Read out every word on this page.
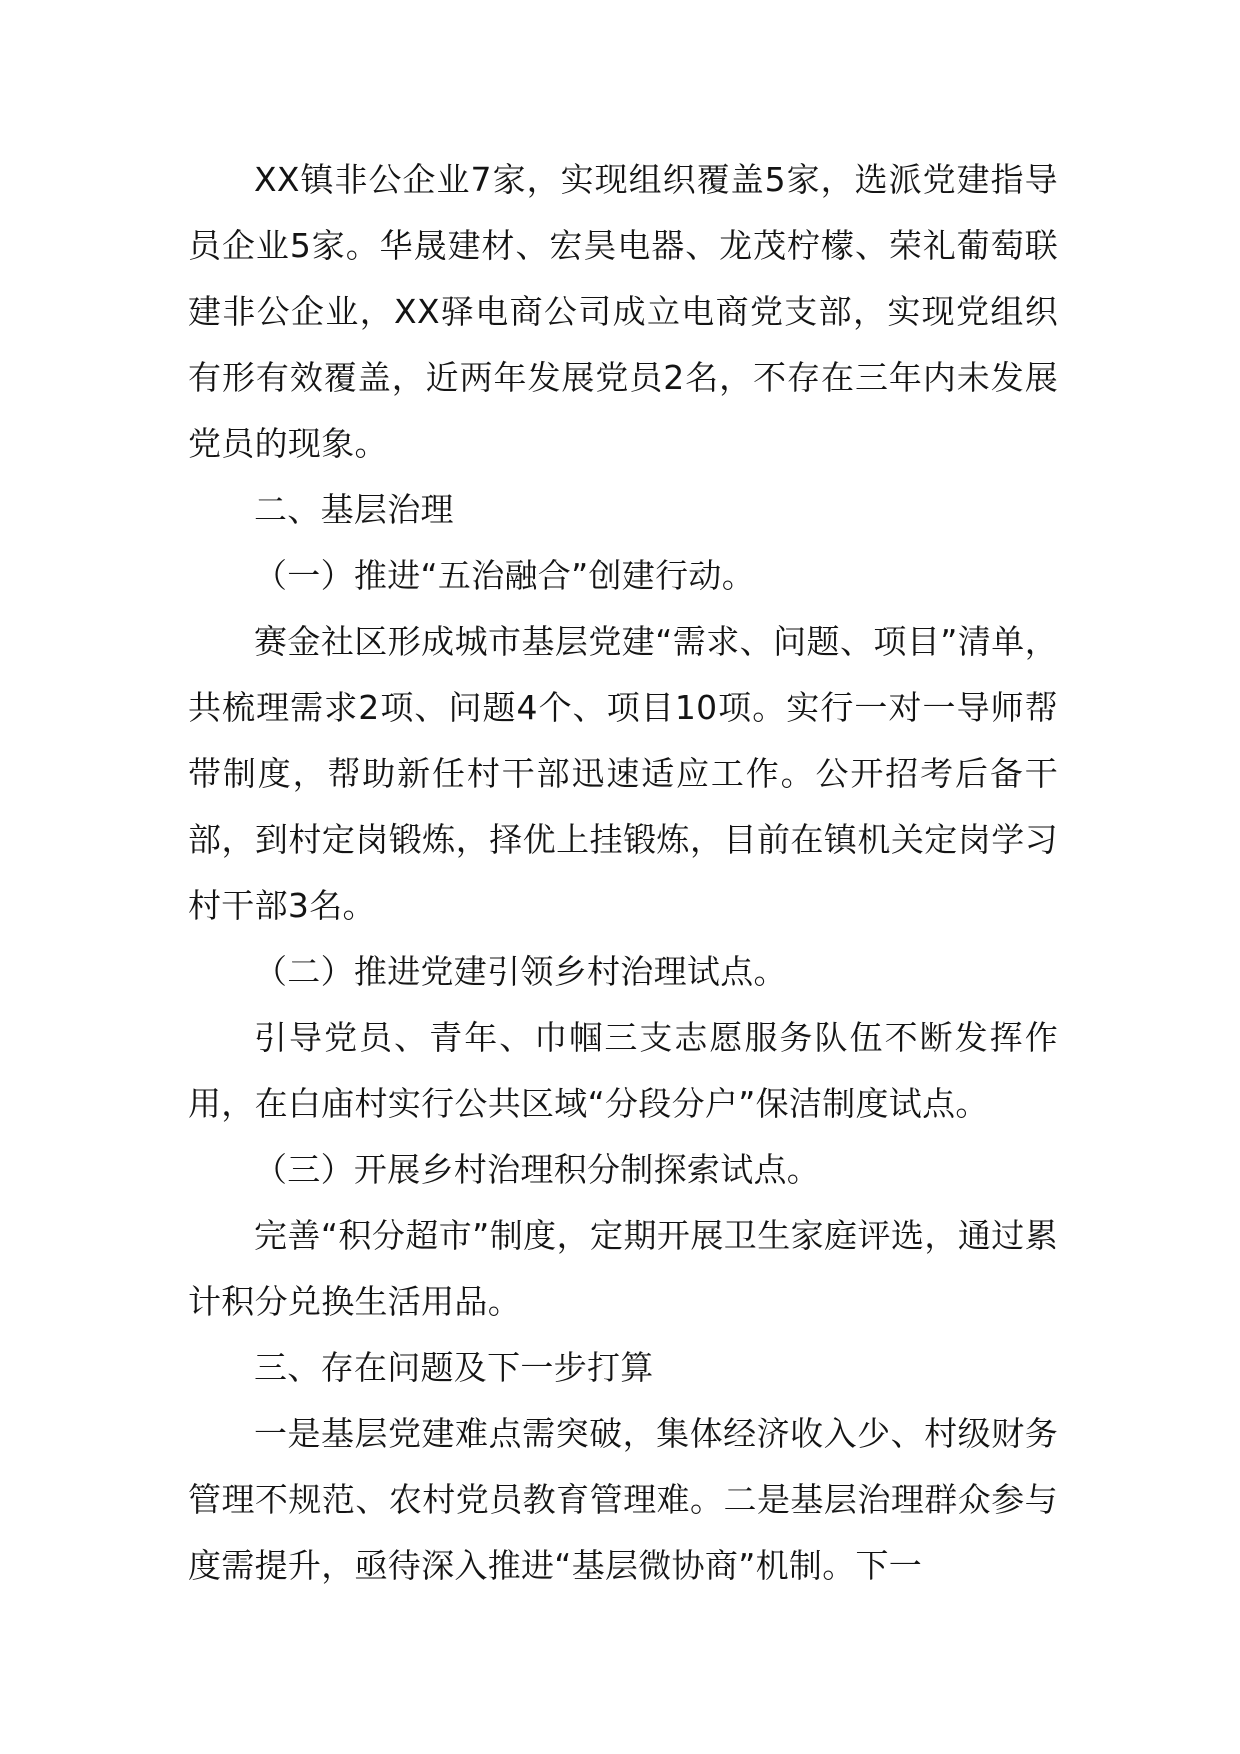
XX镇非公企业7家，实现组织覆盖5家，选派党建指导员企业5家。华晟建材、宏昊电器、龙茂柠檬、荣礼葡萄联建非公企业，XX驿电商公司成立电商党支部，实现党组织有形有效覆盖，近两年发展党员2名，不存在三年内未发展党员的现象。

二、基层治理

（一）推进“五治融合”创建行动。

赛金社区形成城市基层党建“需求、问题、项目”清单，共梳理需求2项、问题4个、项目10项。实行一对一导师帮带制度，帮助新任村干部迅速适应工作。公开招考后备干部，到村定岗锻炼，择优上挂锻炼，目前在镇机关定岗学习村干部3名。

（二）推进党建引领乡村治理试点。

引导党员、青年、巾帼三支志愿服务队伍不断发挥作用，在白庙村实行公共区域“分段分户”保洁制度试点。

（三）开展乡村治理积分制探索试点。

完善“积分超市”制度，定期开展卫生家庭评选，通过累计积分兑换生活用品。

三、存在问题及下一步打算

一是基层党建难点需突破，集体经济收入少、村级财务管理不规范、农村党员教育管理难。二是基层治理群众参与度需提升，亟待深入推进“基层微协商”机制。下一
